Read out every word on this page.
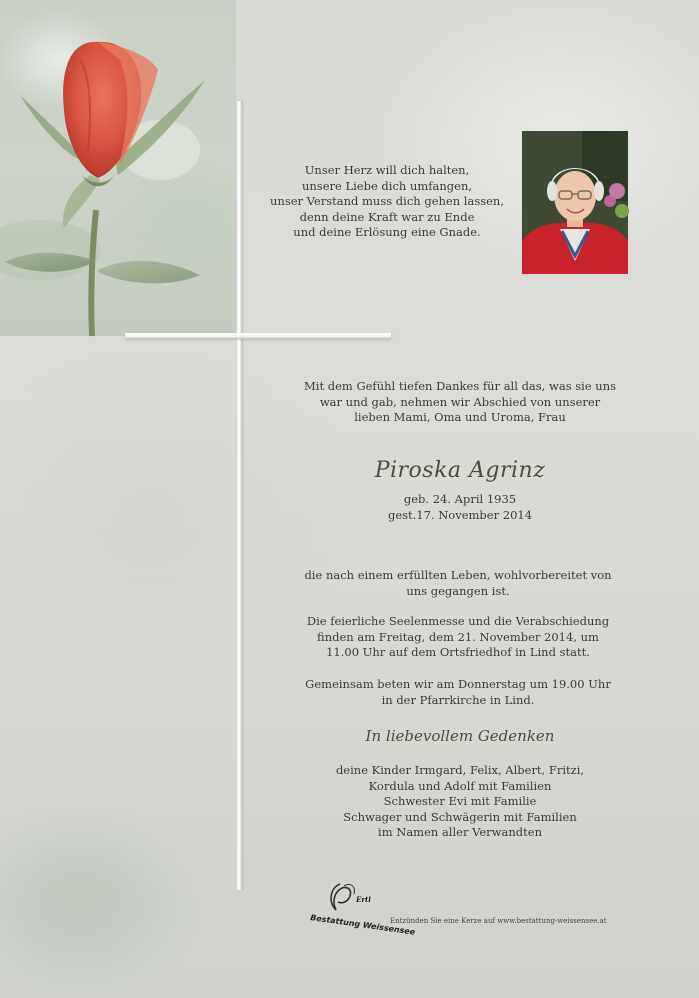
Unser Herz will dich halten,
unsere Liebe dich umfangen,
unser Verstand muss dich gehen lassen,
denn deine Kraft war zu Ende
und deine Erlösung eine Gnade.
Mit dem Gefühl tiefen Dankes für all das, was sie uns
war und gab, nehmen wir Abschied von unserer
lieben Mami, Oma und Uroma, Frau
Piroska Agrinz
geb. 24. April 1935
gest.17. November 2014
die nach einem erfüllten Leben, wohlvorbereitet von
uns gegangen ist.
Die feierliche Seelenmesse und die Verabschiedung
finden am Freitag, dem 21. November 2014, um
11.00 Uhr auf dem Ortsfriedhof in Lind statt.
Gemeinsam beten wir am Donnerstag um 19.00 Uhr
in der Pfarrkirche in Lind.
In liebevollem Gedenken
deine Kinder Irmgard, Felix, Albert, Fritzi,
Kordula und Adolf mit Familien
Schwester Evi mit Familie
Schwager und Schwägerin mit Familien
im Namen aller Verwandten
Ertl
Bestattung Weissensee
Entzünden Sie eine Kerze auf www.bestattung-weissensee.at
